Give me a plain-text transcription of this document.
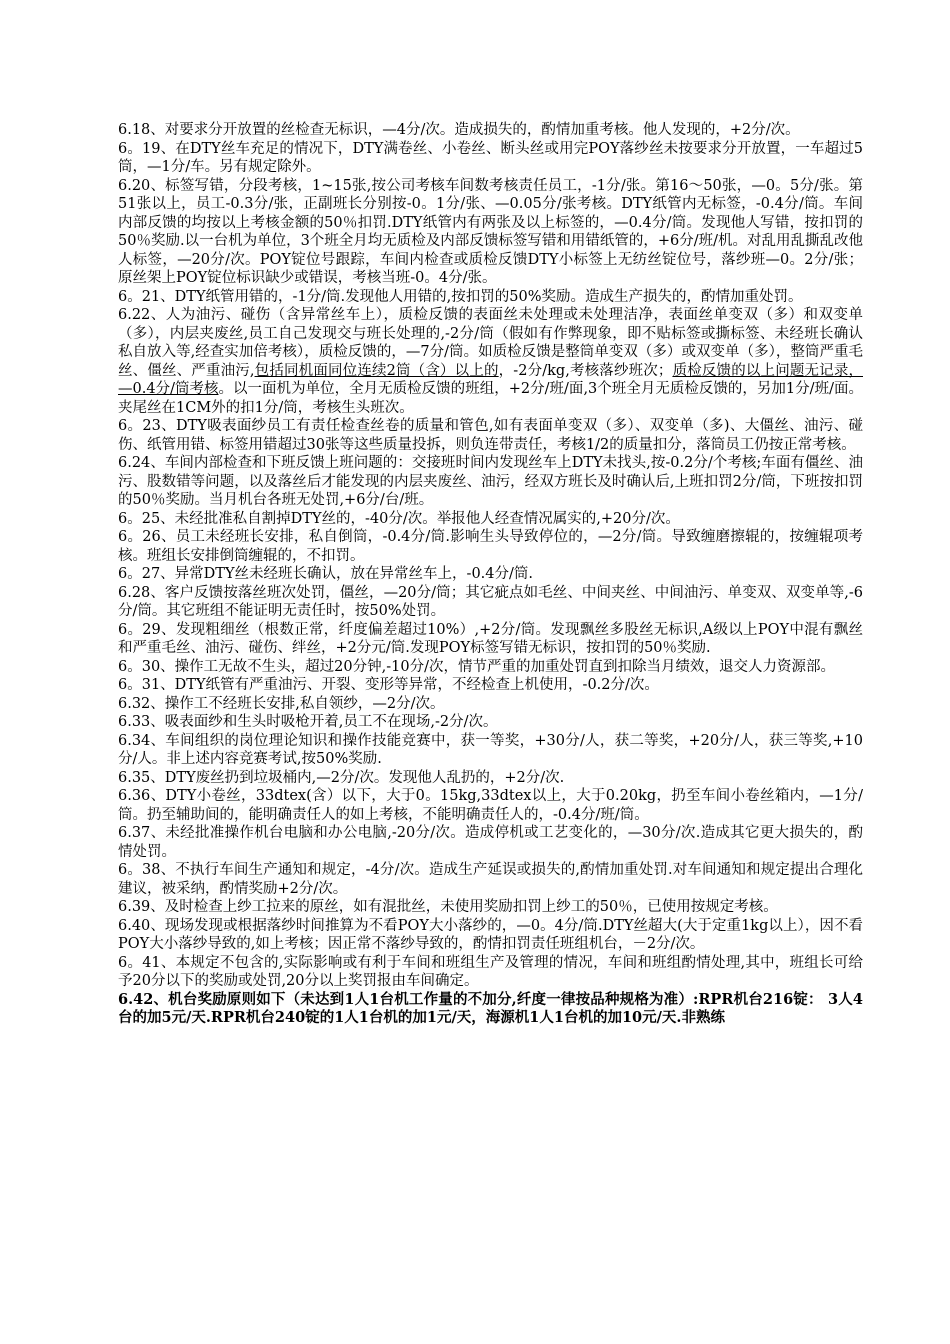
6.18、对要求分开放置的丝检查无标识，—4分/次。造成损失的，酌情加重考核。他人发现的，+2分/次。

6。19、在DTY丝车充足的情况下，DTY满卷丝、小卷丝、断头丝或用完POY落纱丝未按要求分开放置，一车超过5筒，—1分/车。另有规定除外。

6.20、标签写错，分段考核，1~15张,按公司考核车间数考核责任员工，-1分/张。第16～50张，—0。5分/张。第51张以上，员工-0.3分/张，正副班长分别按-0。1分/张、—0.05分/张考核。DTY纸管内无标签，-0.4分/筒。车间内部反馈的均按以上考核金额的50％扣罚.DTY纸管内有两张及以上标签的，—0.4分/筒。发现他人写错，按扣罚的50％奖励.以一台机为单位，3个班全月均无质检及内部反馈标签写错和用错纸管的，+6分/班/机。对乱用乱撕乱改他人标签，—20分/次。POY锭位号跟踪，车间内检查或质检反馈DTY小标签上无纺丝锭位号，落纱班—0。2分/张；原丝架上POY锭位标识缺少或错误，考核当班-0。4分/张。

6。21、DTY纸管用错的，-1分/筒.发现他人用错的,按扣罚的50%奖励。造成生产损失的，酌情加重处罚。

6.22、人为油污、碰伤（含异常丝车上），质检反馈的表面丝未处理或未处理洁净，表面丝单变双（多）和双变单（多），内层夹废丝,员工自己发现交与班长处理的,-2分/筒（假如有作弊现象，即不贴标签或撕标签、未经班长确认私自放入等,经查实加倍考核），质检反馈的，—7分/筒。如质检反馈是整筒单变双（多）或双变单（多），整筒严重毛丝、僵丝、严重油污,包括同机面同位连续2筒（含）以上的，-2分/kg,考核落纱班次；质检反馈的以上问题无记录，—0.4分/筒考核。以一面机为单位，全月无质检反馈的班组，+2分/班/面,3个班全月无质检反馈的，另加1分/班/面。夹尾丝在1CM外的扣1分/筒，考核生头班次。

6。23、DTY吸表面纱员工有责任检查丝卷的质量和管色,如有表面单变双（多）、双变单（多)、大僵丝、油污、碰伤、纸管用错、标签用错超过30张等这些质量投拆，则负连带责任，考核1/2的质量扣分，落筒员工仍按正常考核。

6.24、车间内部检查和下班反馈上班问题的：交接班时间内发现丝车上DTY未找头,按-0.2分/个考核;车面有僵丝、油污、股数错等问题，以及落丝后才能发现的内层夹废丝、油污，经双方班长及时确认后,上班扣罚2分/筒，下班按扣罚的50％奖励。当月机台各班无处罚,+6分/台/班。

6。25、未经批准私自割掉DTY丝的，-40分/次。举报他人经查情况属实的,+20分/次。

6。26、员工未经班长安排，私自倒筒，-0.4分/筒.影响生头导致停位的，—2分/筒。导致缠磨擦辊的，按缠辊项考核。班组长安排倒筒缠辊的，不扣罚。

6。27、异常DTY丝未经班长确认，放在异常丝车上，-0.4分/筒.

6.28、客户反馈按落丝班次处罚，僵丝，—20分/筒；其它疵点如毛丝、中间夹丝、中间油污、单变双、双变单等,-6分/筒。其它班组不能证明无责任时，按50%处罚。

6。29、发现粗细丝（根数正常，纤度偏差超过10%）,+2分/筒。发现飘丝多股丝无标识,A级以上POY中混有飘丝和严重毛丝、油污、碰伤、绊丝，+2分元/筒.发现POY标签写错无标识，按扣罚的50％奖励.

6。30、操作工无故不生头，超过20分钟,-10分/次，情节严重的加重处罚直到扣除当月绩效，退交人力资源部。

6。31、DTY纸管有严重油污、开裂、变形等异常，不经检查上机使用，-0.2分/次。

6.32、操作工不经班长安排,私自领纱，—2分/次。

6.33、吸表面纱和生头时吸枪开着,员工不在现场,-2分/次。

6.34、车间组织的岗位理论知识和操作技能竞赛中，获一等奖，+30分/人，获二等奖，+20分/人，获三等奖,+10分/人。非上述内容竞赛考试,按50%奖励.

6.35、DTY废丝扔到垃圾桶内,—2分/次。发现他人乱扔的，+2分/次.

6.36、DTY小卷丝，33dtex(含）以下，大于0。15kg,33dtex以上，大于0.20kg，扔至车间小卷丝箱内，—1分/筒。扔至辅助间的，能明确责任人的如上考核，不能明确责任人的，-0.4分/班/筒。

6.37、未经批准操作机台电脑和办公电脑,-20分/次。造成停机或工艺变化的，—30分/次.造成其它更大损失的，酌情处罚。

6。38、不执行车间生产通知和规定，-4分/次。造成生产延误或损失的,酌情加重处罚.对车间通知和规定提出合理化建议，被采纳，酌情奖励+2分/次。

6.39、及时检查上纱工拉来的原丝，如有混批丝，未使用奖励扣罚上纱工的50％，已使用按规定考核。

6.40、现场发现或根据落纱时间推算为不看POY大小落纱的，—0。4分/筒.DTY丝超大(大于定重1kg以上），因不看POY大小落纱导致的,如上考核；因正常不落纱导致的，酌情扣罚责任班组机台，－2分/次。

6。41、本规定不包含的,实际影响或有利于车间和班组生产及管理的情况，车间和班组酌情处理,其中，班组长可给予20分以下的奖励或处罚,20分以上奖罚报由车间确定。

6.42、机台奖励原则如下（未达到1人1台机工作量的不加分,纤度一律按品种规格为准）:RPR机台216锭： 3人4台的加5元/天.RPR机台240锭的1人1台机的加1元/天，海源机1人1台机的加10元/天.非熟练
